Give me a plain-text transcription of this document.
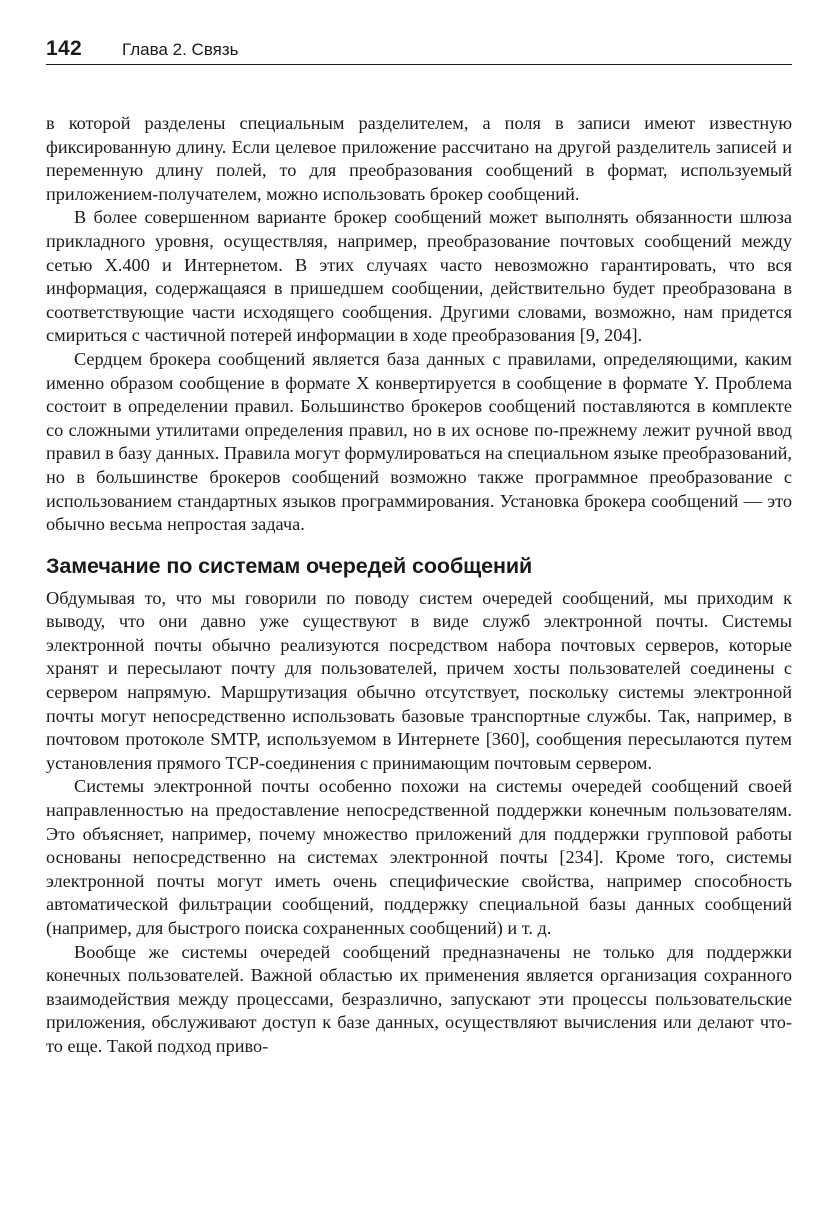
142 Глава 2. Связь

в которой разделены специальным разделителем, а поля в записи имеют известную фиксированную длину. Если целевое приложение рассчитано на другой разделитель записей и переменную длину полей, то для преобразования сообщений в формат, используемый приложением-получателем, можно использовать брокер сообщений.

В более совершенном варианте брокер сообщений может выполнять обязанности шлюза прикладного уровня, осуществляя, например, преобразование почтовых сообщений между сетью X.400 и Интернетом. В этих случаях часто невозможно гарантировать, что вся информация, содержащаяся в пришедшем сообщении, действительно будет преобразована в соответствующие части исходящего сообщения. Другими словами, возможно, нам придется смириться с частичной потерей информации в ходе преобразования [9, 204].

Сердцем брокера сообщений является база данных с правилами, определяющими, каким именно образом сообщение в формате X конвертируется в сообщение в формате Y. Проблема состоит в определении правил. Большинство брокеров сообщений поставляются в комплекте со сложными утилитами определения правил, но в их основе по-прежнему лежит ручной ввод правил в базу данных. Правила могут формулироваться на специальном языке преобразований, но в большинстве брокеров сообщений возможно также программное преобразование с использованием стандартных языков программирования. Установка брокера сообщений — это обычно весьма непростая задача.

Замечание по системам очередей сообщений

Обдумывая то, что мы говорили по поводу систем очередей сообщений, мы приходим к выводу, что они давно уже существуют в виде служб электронной почты. Системы электронной почты обычно реализуются посредством набора почтовых серверов, которые хранят и пересылают почту для пользователей, причем хосты пользователей соединены с сервером напрямую. Маршрутизация обычно отсутствует, поскольку системы электронной почты могут непосредственно использовать базовые транспортные службы. Так, например, в почтовом протоколе SMTP, используемом в Интернете [360], сообщения пересылаются путем установления прямого TCP-соединения с принимающим почтовым сервером.

Системы электронной почты особенно похожи на системы очередей сообщений своей направленностью на предоставление непосредственной поддержки конечным пользователям. Это объясняет, например, почему множество приложений для поддержки групповой работы основаны непосредственно на системах электронной почты [234]. Кроме того, системы электронной почты могут иметь очень специфические свойства, например способность автоматической фильтрации сообщений, поддержку специальной базы данных сообщений (например, для быстрого поиска сохраненных сообщений) и т. д.

Вообще же системы очередей сообщений предназначены не только для поддержки конечных пользователей. Важной областью их применения является организация сохранного взаимодействия между процессами, безразлично, запускают эти процессы пользовательские приложения, обслуживают доступ к базе данных, осуществляют вычисления или делают что-то еще. Такой подход приво-
